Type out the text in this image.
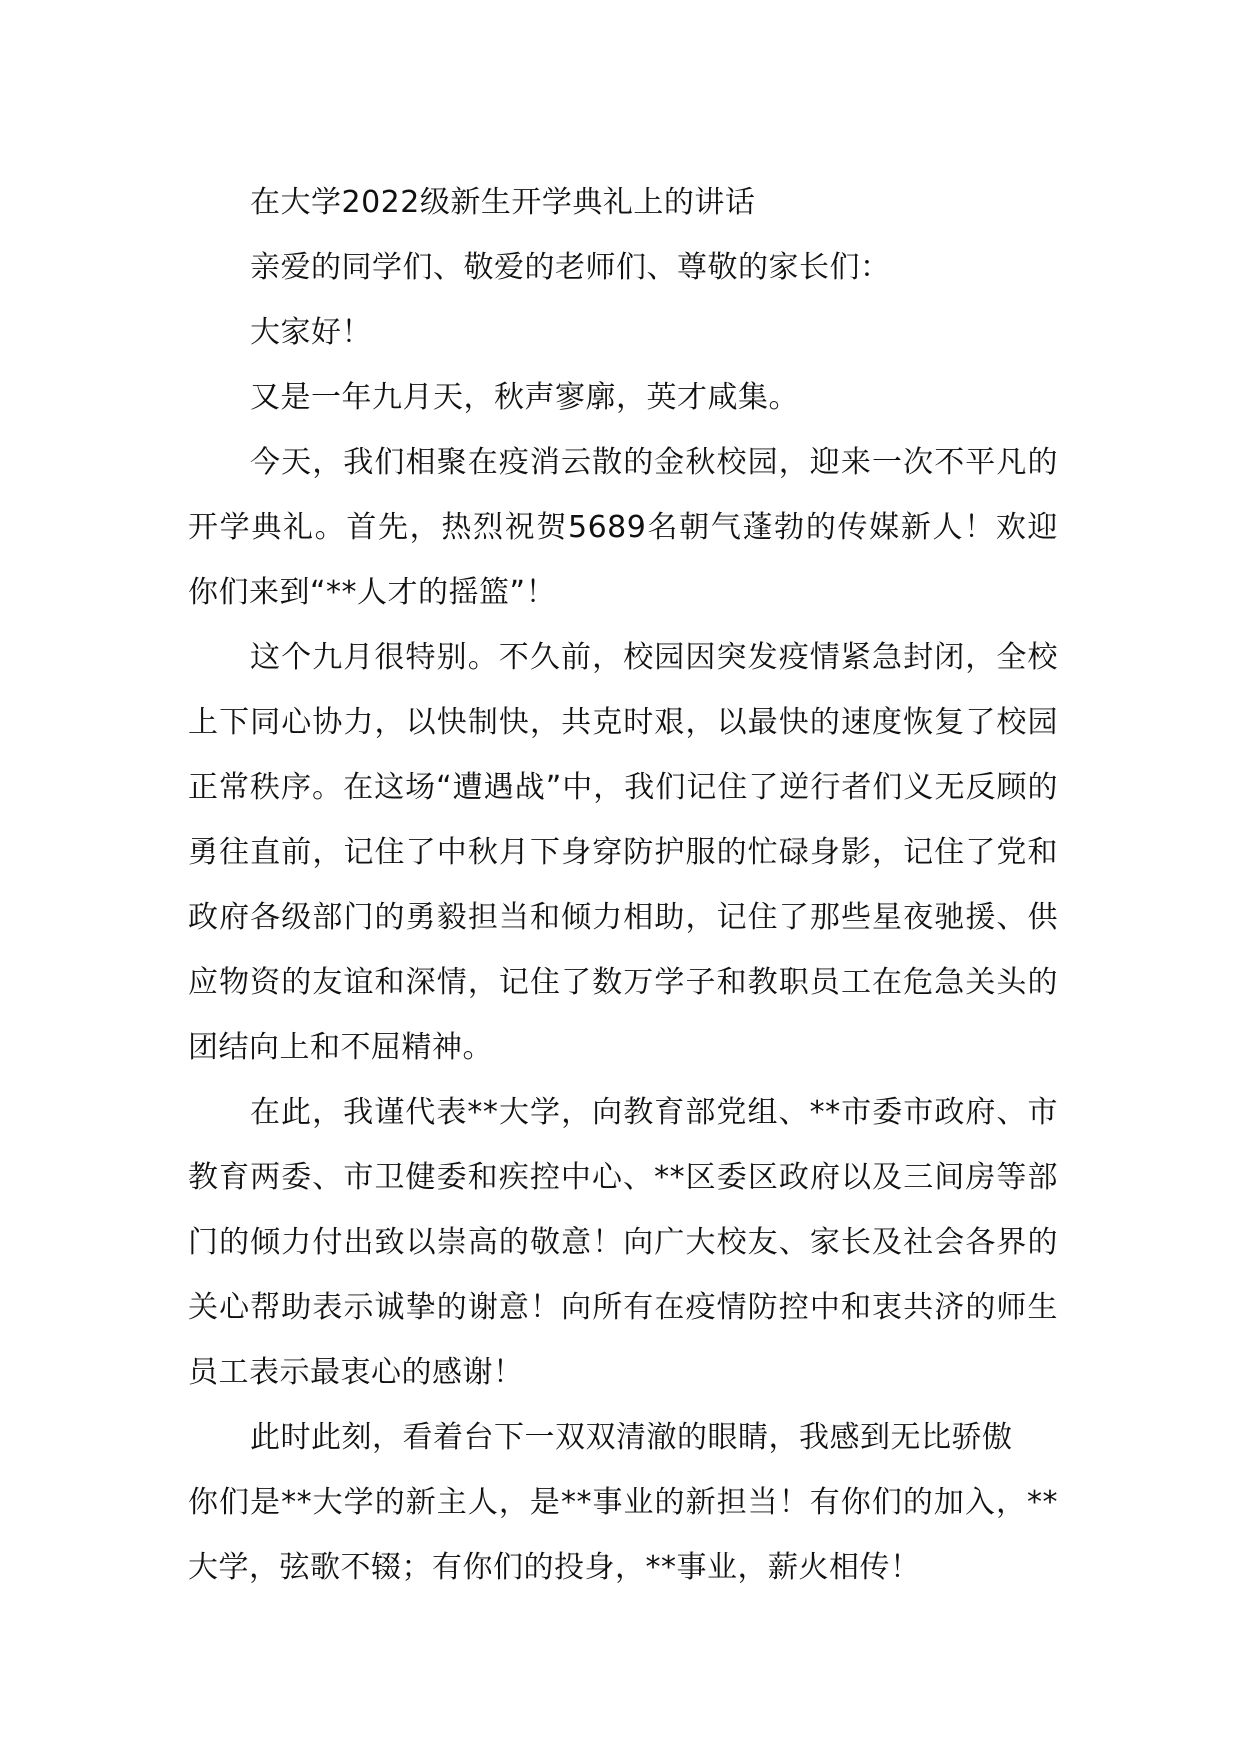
在大学2022级新生开学典礼上的讲话

亲爱的同学们、敬爱的老师们、尊敬的家长们：

大家好！

又是一年九月天，秋声寥廓，英才咸集。

今天，我们相聚在疫消云散的金秋校园，迎来一次不平凡的开学典礼。首先，热烈祝贺5689名朝气蓬勃的传媒新人！欢迎你们来到“**人才的摇篮”！

这个九月很特别。不久前，校园因突发疫情紧急封闭，全校上下同心协力，以快制快，共克时艰，以最快的速度恢复了校园正常秩序。在这场“遭遇战”中，我们记住了逆行者们义无反顾的勇往直前，记住了中秋月下身穿防护服的忙碌身影，记住了党和政府各级部门的勇毅担当和倾力相助，记住了那些星夜驰援、供应物资的友谊和深情，记住了数万学子和教职员工在危急关头的团结向上和不屈精神。

在此，我谨代表**大学，向教育部党组、**市委市政府、市教育两委、市卫健委和疾控中心、**区委区政府以及三间房等部门的倾力付出致以崇高的敬意！向广大校友、家长及社会各界的关心帮助表示诚挚的谢意！向所有在疫情防控中和衷共济的师生员工表示最衷心的感谢！

此时此刻，看着台下一双双清澈的眼睛，我感到无比骄傲
你们是**大学的新主人，是**事业的新担当！有你们的加入，**大学，弦歌不辍；有你们的投身，**事业，薪火相传！
